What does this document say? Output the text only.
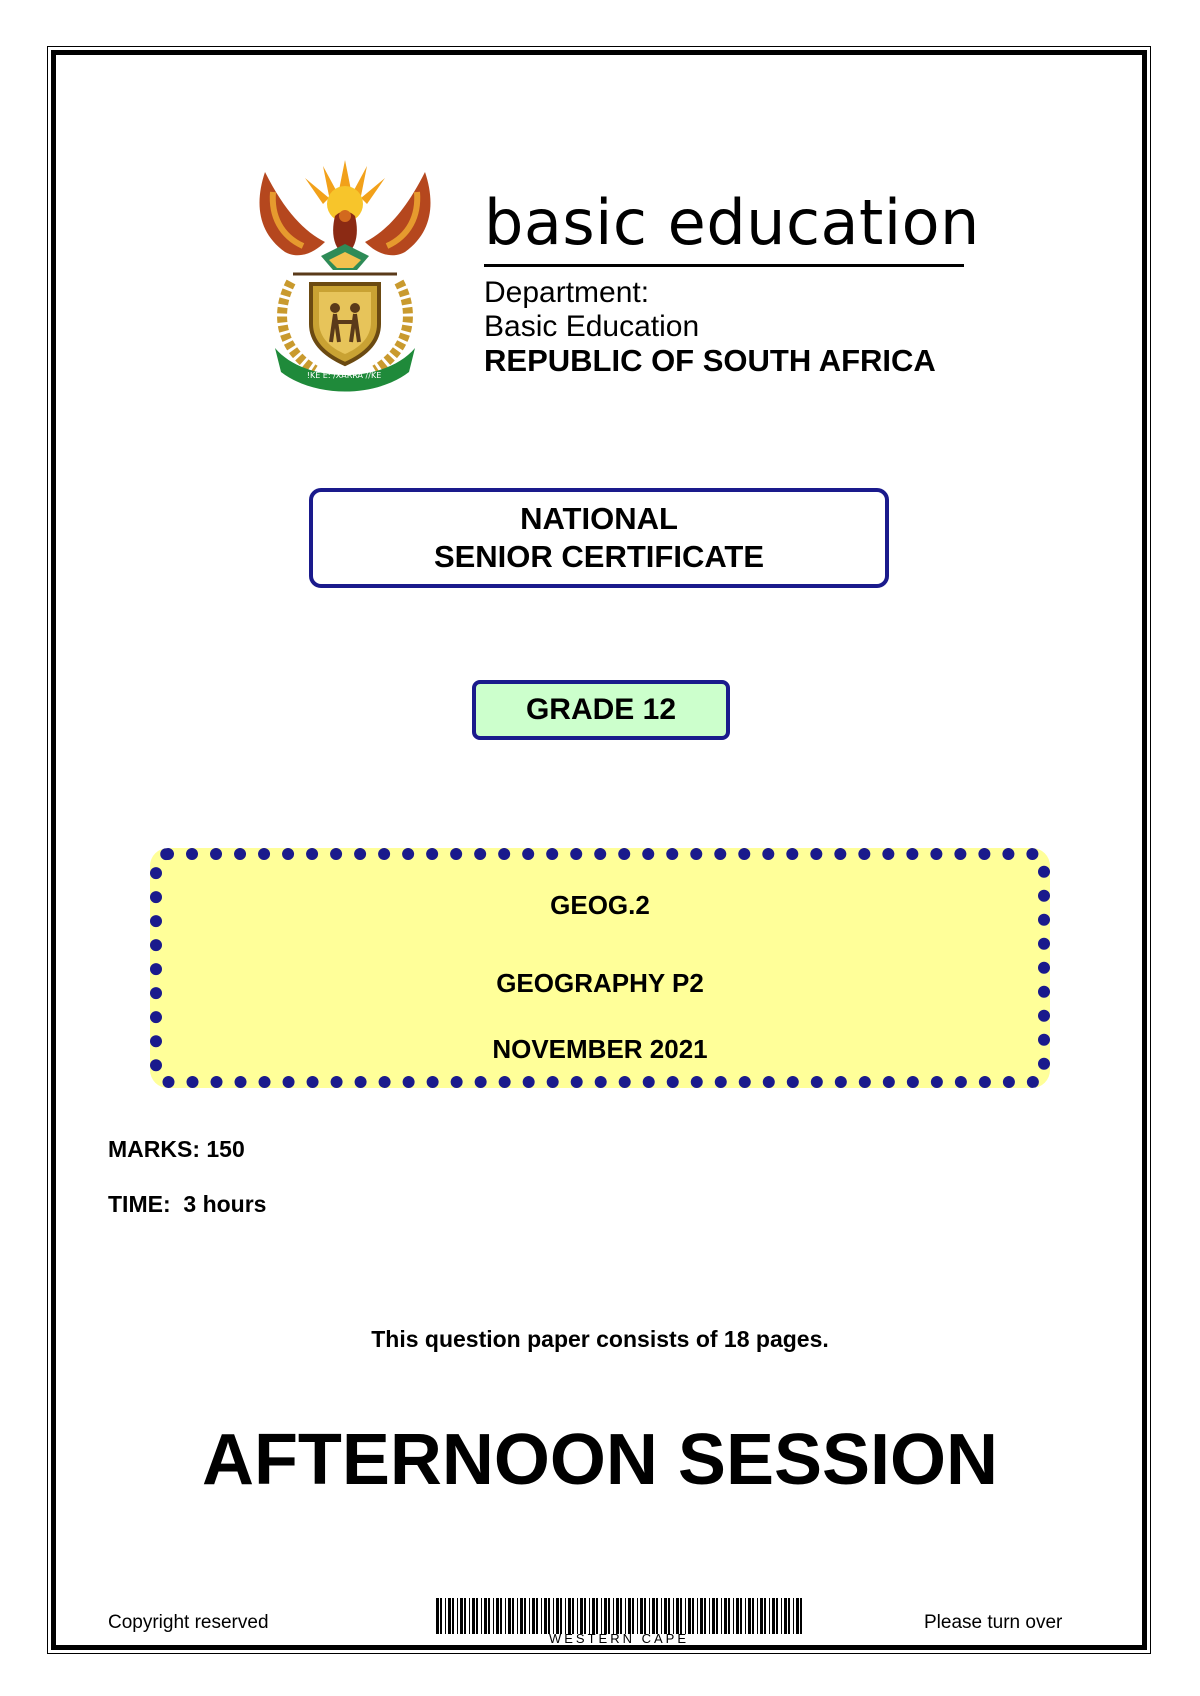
!KE E: /XARRA //KE
basic education
Department:
Basic Education
REPUBLIC OF SOUTH AFRICA
NATIONAL
SENIOR CERTIFICATE
GRADE 12
GEOG.2
GEOGRAPHY P2
NOVEMBER 2021
MARKS: 150
TIME: 3 hours
This question paper consists of 18 pages.
AFTERNOON SESSION
Copyright reserved
WESTERN CAPE
Please turn over
